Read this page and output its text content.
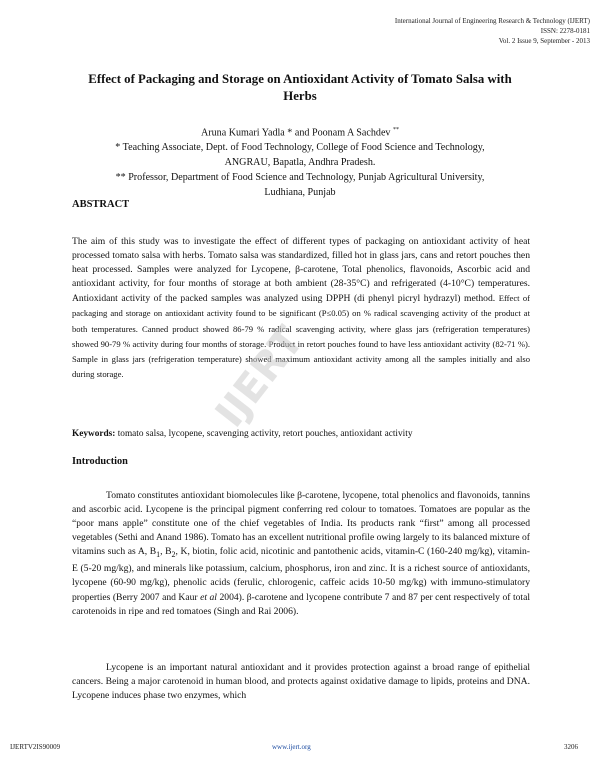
International Journal of Engineering Research & Technology (IJERT)
ISSN: 2278-0181
Vol. 2 Issue 9, September - 2013
Effect of Packaging and Storage on Antioxidant Activity of Tomato Salsa with
Herbs
Aruna Kumari Yadla * and Poonam A Sachdev **
* Teaching Associate, Dept. of Food Technology, College of Food Science and Technology,
ANGRAU, Bapatla, Andhra Pradesh.
** Professor, Department of Food Science and Technology, Punjab Agricultural University,
Ludhiana, Punjab
ABSTRACT
The aim of this study was to investigate the effect of different types of packaging on antioxidant activity of heat processed tomato salsa with herbs. Tomato salsa was standardized, filled hot in glass jars, cans and retort pouches then heat processed. Samples were analyzed for Lycopene, β-carotene, Total phenolics, flavonoids, Ascorbic acid and antioxidant activity, for four months of storage at both ambient (28-35°C) and refrigerated (4-10°C) temperatures. Antioxidant activity of the packed samples was analyzed using DPPH (di phenyl picryl hydrazyl) method. Effect of packaging and storage on antioxidant activity found to be significant (P≤0.05) on % radical scavenging activity of the product at both temperatures. Canned product showed 86-79 % radical scavenging activity, where glass jars (refrigeration temperatures) showed 90-79 % activity during four months of storage. Product in retort pouches found to have less antioxidant activity (82-71 %). Sample in glass jars (refrigeration temperature) showed maximum antioxidant activity among all the samples initially and also during storage.
Keywords: tomato salsa, lycopene, scavenging activity, retort pouches, antioxidant activity
Introduction
Tomato constitutes antioxidant biomolecules like β-carotene, lycopene, total phenolics and flavonoids, tannins and ascorbic acid. Lycopene is the principal pigment conferring red colour to tomatoes. Tomatoes are popular as the “poor mans apple” constitute one of the chief vegetables of India. Its products rank “first” among all processed vegetables (Sethi and Anand 1986). Tomato has an excellent nutritional profile owing largely to its balanced mixture of vitamins such as A, $B_1$, $B_2$, K, biotin, folic acid, nicotinic and pantothenic acids, vitamin-C (160-240 mg/kg), vitamin-E (5-20 mg/kg), and minerals like potassium, calcium, phosphorus, iron and zinc. It is a richest source of antioxidants, lycopene (60-90 mg/kg), phenolic acids (ferulic, chlorogenic, caffeic acids 10-50 mg/kg) with immuno-stimulatory properties (Berry 2007 and Kaur et al 2004). β-carotene and lycopene contribute 7 and 87 per cent respectively of total carotenoids in ripe and red tomatoes (Singh and Rai 2006).
Lycopene is an important natural antioxidant and it provides protection against a broad range of epithelial cancers. Being a major carotenoid in human blood, and protects against oxidative damage to lipids, proteins and DNA. Lycopene induces phase two enzymes, which
IJERT
IJERTV2IS90009	www.ijert.org	3206
